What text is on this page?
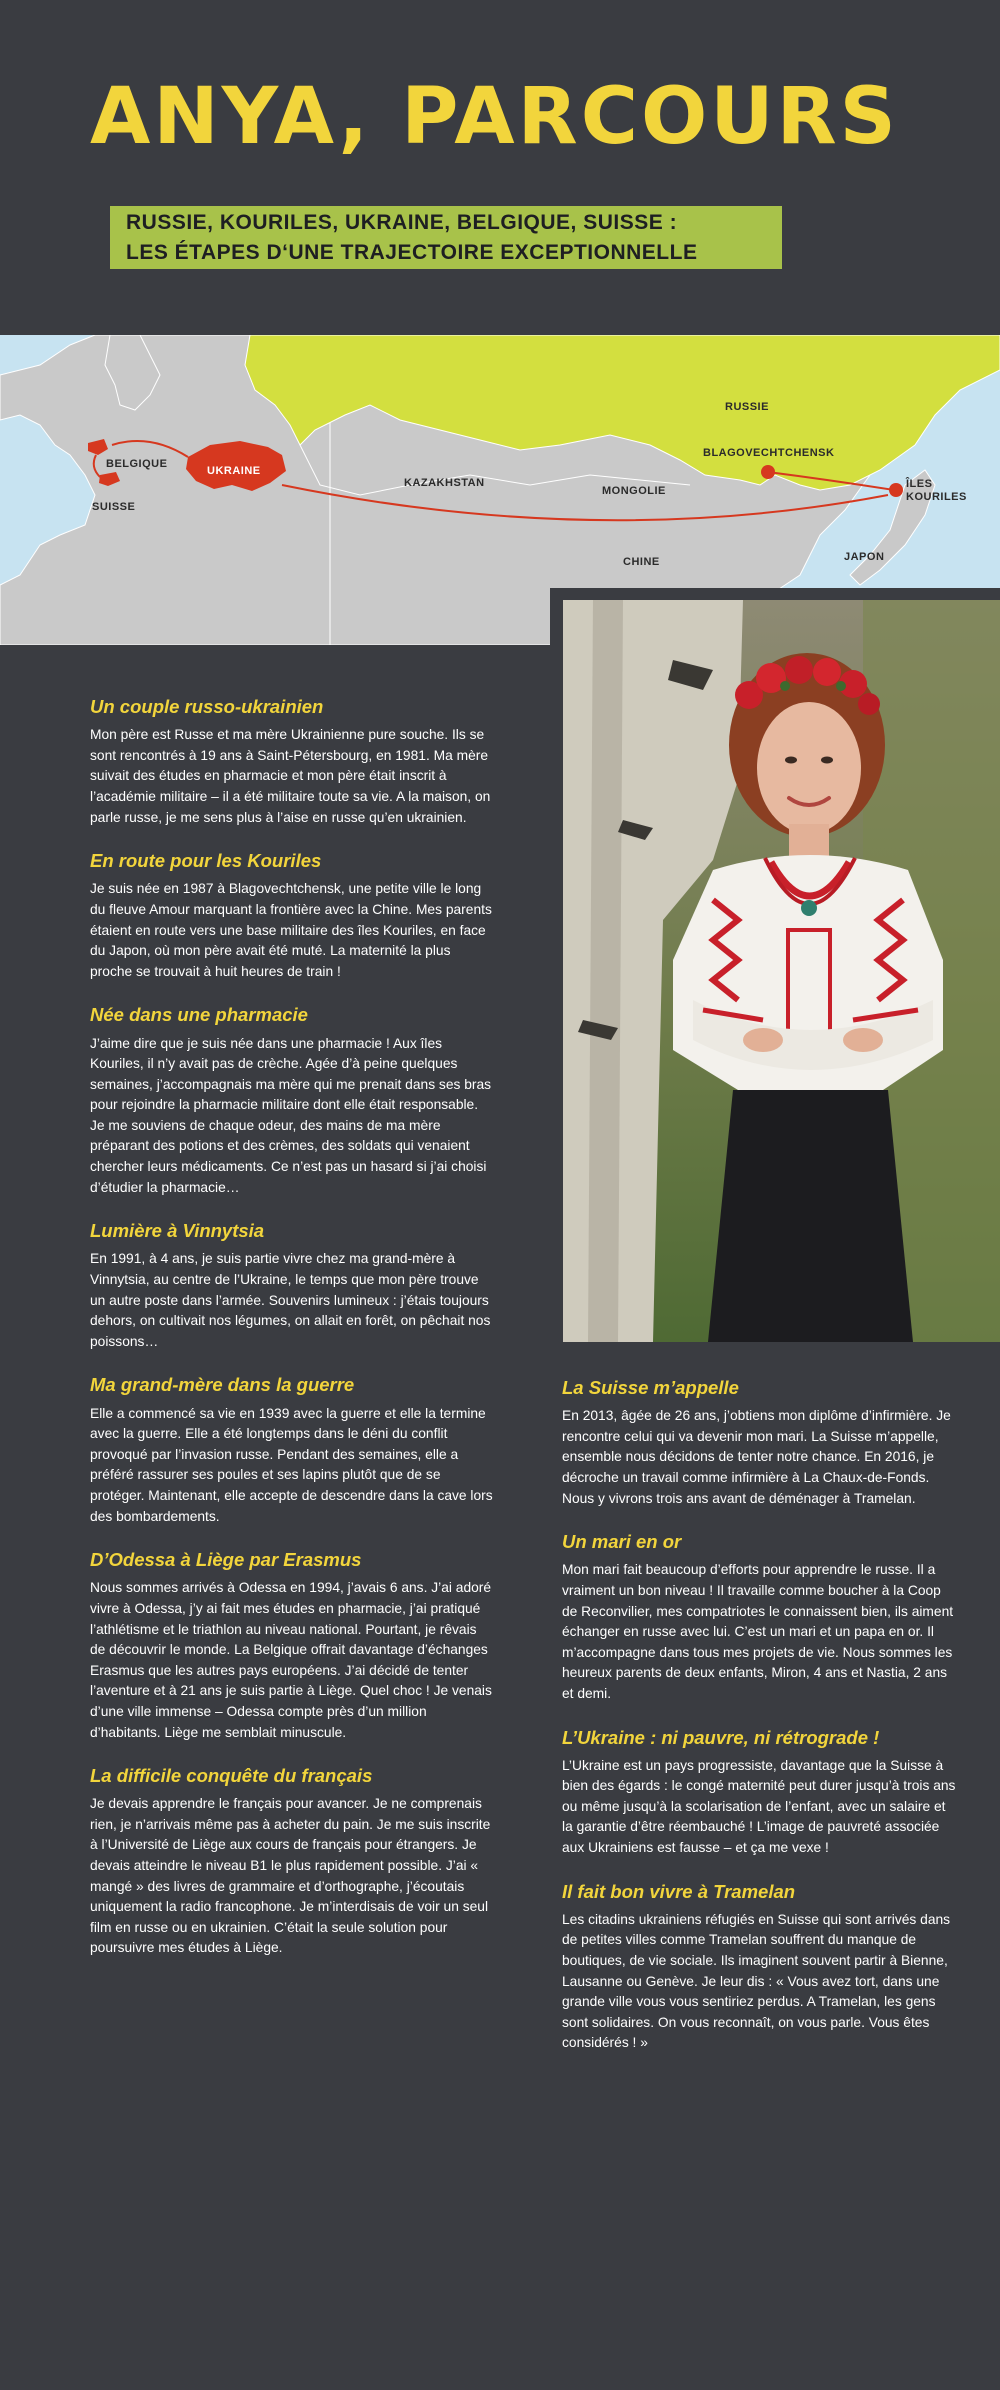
ANYA, PARCOURS
RUSSIE, KOURILES, UKRAINE, BELGIQUE, SUISSE :
LES ÉTAPES D‘UNE TRAJECTOIRE EXCEPTIONNELLE
RUSSIE
BLAGOVECHTCHENSK
ÎLES
KOURILES
BELGIQUE
UKRAINE
SUISSE
KAZAKHSTAN
MONGOLIE
CHINE	JAPON
Un couple russo-ukrainien

Mon père est Russe et ma mère Ukrainienne pure souche. Ils se sont rencontrés à 19 ans à Saint-Pétersbourg, en 1981. Ma mère suivait des études en pharmacie et mon père était inscrit à l’académie militaire – il a été militaire toute sa vie. A la maison, on parle russe, je me sens plus à l’aise en russe qu’en ukrainien.

En route pour les Kouriles

Je suis née en 1987 à Blagovechtchensk, une petite ville le long du fleuve Amour marquant la frontière avec la Chine. Mes parents étaient en route vers une base militaire des îles Kouriles, en face du Japon, où mon père avait été muté. La maternité la plus proche se trouvait à huit heures de train !

Née dans une pharmacie

J’aime dire que je suis née dans une pharmacie ! Aux îles Kouriles, il n’y avait pas de crèche. Agée d’à peine quelques semaines, j’accompagnais ma mère qui me prenait dans ses bras pour rejoindre la pharmacie militaire dont elle était responsable. Je me souviens de chaque odeur, des mains de ma mère préparant des potions et des crèmes, des soldats qui venaient chercher leurs médicaments. Ce n’est pas un hasard si j’ai choisi d’étudier la pharmacie…

Lumière à Vinnytsia

En 1991, à 4 ans, je suis partie vivre chez ma grand-mère à Vinnytsia, au centre de l’Ukraine, le temps que mon père trouve un autre poste dans l’armée. Souvenirs lumineux : j’étais toujours dehors, on cultivait nos légumes, on allait en forêt, on pêchait nos poissons…

Ma grand-mère dans la guerre

Elle a commencé sa vie en 1939 avec la guerre et elle la termine avec la guerre. Elle a été longtemps dans le déni du conflit provoqué par l’invasion russe. Pendant des semaines, elle a préféré rassurer ses poules et ses lapins plutôt que de se protéger. Maintenant, elle accepte de descendre dans la cave lors des bombardements.

D’Odessa à Liège par Erasmus

Nous sommes arrivés à Odessa en 1994, j’avais 6 ans. J’ai adoré vivre à Odessa, j’y ai fait mes études en pharmacie, j’ai pratiqué l’athlétisme et le triathlon au niveau national. Pourtant, je rêvais de découvrir le monde. La Belgique offrait davantage d’échanges Erasmus que les autres pays européens. J’ai décidé de tenter l’aventure et à 21 ans je suis partie à Liège. Quel choc ! Je venais d’une ville immense – Odessa compte près d’un million d’habitants. Liège me semblait minuscule.

La difficile conquête du français

Je devais apprendre le français pour avancer. Je ne comprenais rien, je n’arrivais même pas à acheter du pain. Je me suis inscrite à l’Université de Liège aux cours de français pour étrangers. Je devais atteindre le niveau B1 le plus rapidement possible. J’ai « mangé » des livres de grammaire et d’orthographe, j’écoutais uniquement la radio francophone. Je m’interdisais de voir un seul film en russe ou en ukrainien. C’était la seule solution pour poursuivre mes études à Liège.

La Suisse m’appelle

En 2013, âgée de 26 ans, j’obtiens mon diplôme d’infirmière. Je rencontre celui qui va devenir mon mari. La Suisse m’appelle, ensemble nous décidons de tenter notre chance. En 2016, je décroche un travail comme infirmière à La Chaux-de-Fonds. Nous y vivrons trois ans avant de déménager à Tramelan.

Un mari en or

Mon mari fait beaucoup d’efforts pour apprendre le russe. Il a vraiment un bon niveau ! Il travaille comme boucher à la Coop de Reconvilier, mes compatriotes le connaissent bien, ils aiment échanger en russe avec lui. C’est un mari et un papa en or. Il m’accompagne dans tous mes projets de vie. Nous sommes les heureux parents de deux enfants, Miron, 4 ans et Nastia, 2 ans et demi.

L’Ukraine : ni pauvre, ni rétrograde !

L’Ukraine est un pays progressiste, davantage que la Suisse à bien des égards : le congé maternité peut durer jusqu’à trois ans ou même jusqu’à la scolarisation de l’enfant, avec un salaire et la garantie d’être réembauché ! L’image de pauvreté associée aux Ukrainiens est fausse – et ça me vexe !

Il fait bon vivre à Tramelan

Les citadins ukrainiens réfugiés en Suisse qui sont arrivés dans de petites villes comme Tramelan souffrent du manque de boutiques, de vie sociale. Ils imaginent souvent partir à Bienne, Lausanne ou Genève. Je leur dis : « Vous avez tort, dans une grande ville vous vous sentiriez perdus. A Tramelan, les gens sont solidaires. On vous reconnaît, on vous parle. Vous êtes considérés ! »
